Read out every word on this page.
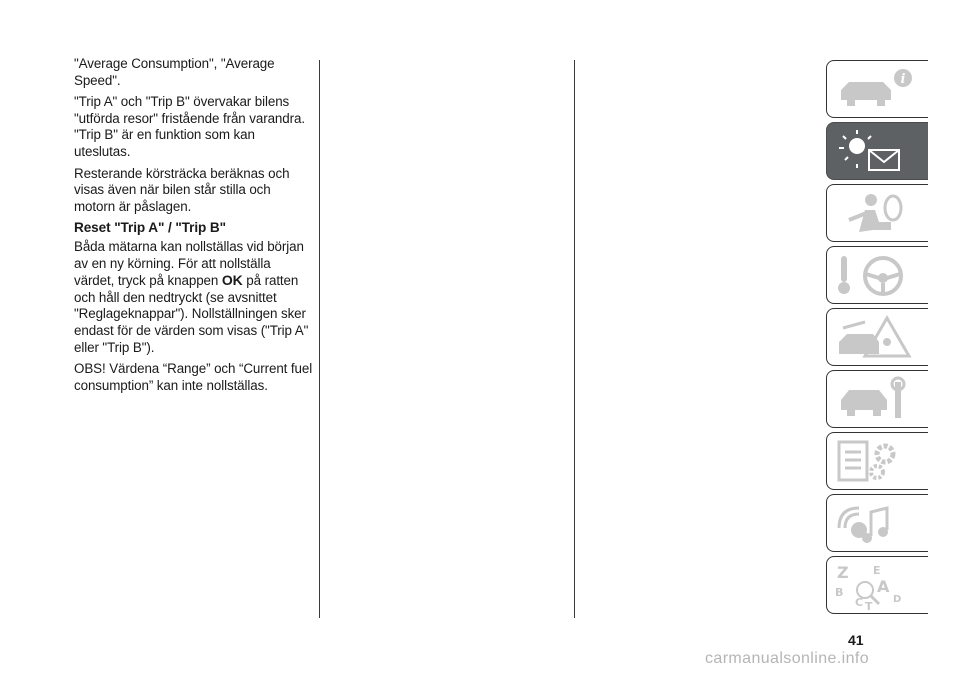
"Average Consumption", "Average Speed".

"Trip A" och "Trip B" övervakar bilens "utförda resor" fristående från varandra. "Trip B" är en funktion som kan uteslutas.

Resterande körsträcka beräknas och visas även när bilen står stilla och motorn är påslagen.

Reset "Trip A" / "Trip B"

Båda mätarna kan nollställas vid början av en ny körning. För att nollställa värdet, tryck på knappen OK på ratten och håll den nedtryckt (se avsnittet "Reglageknappar"). Nollställningen sker endast för de värden som visas ("Trip A" eller "Trip B").

OBS! Värdena “Range” och “Current fuel consumption” kan inte nollställas.

i
Z E
B A
C	D
T
41
carmanualsonline.info
